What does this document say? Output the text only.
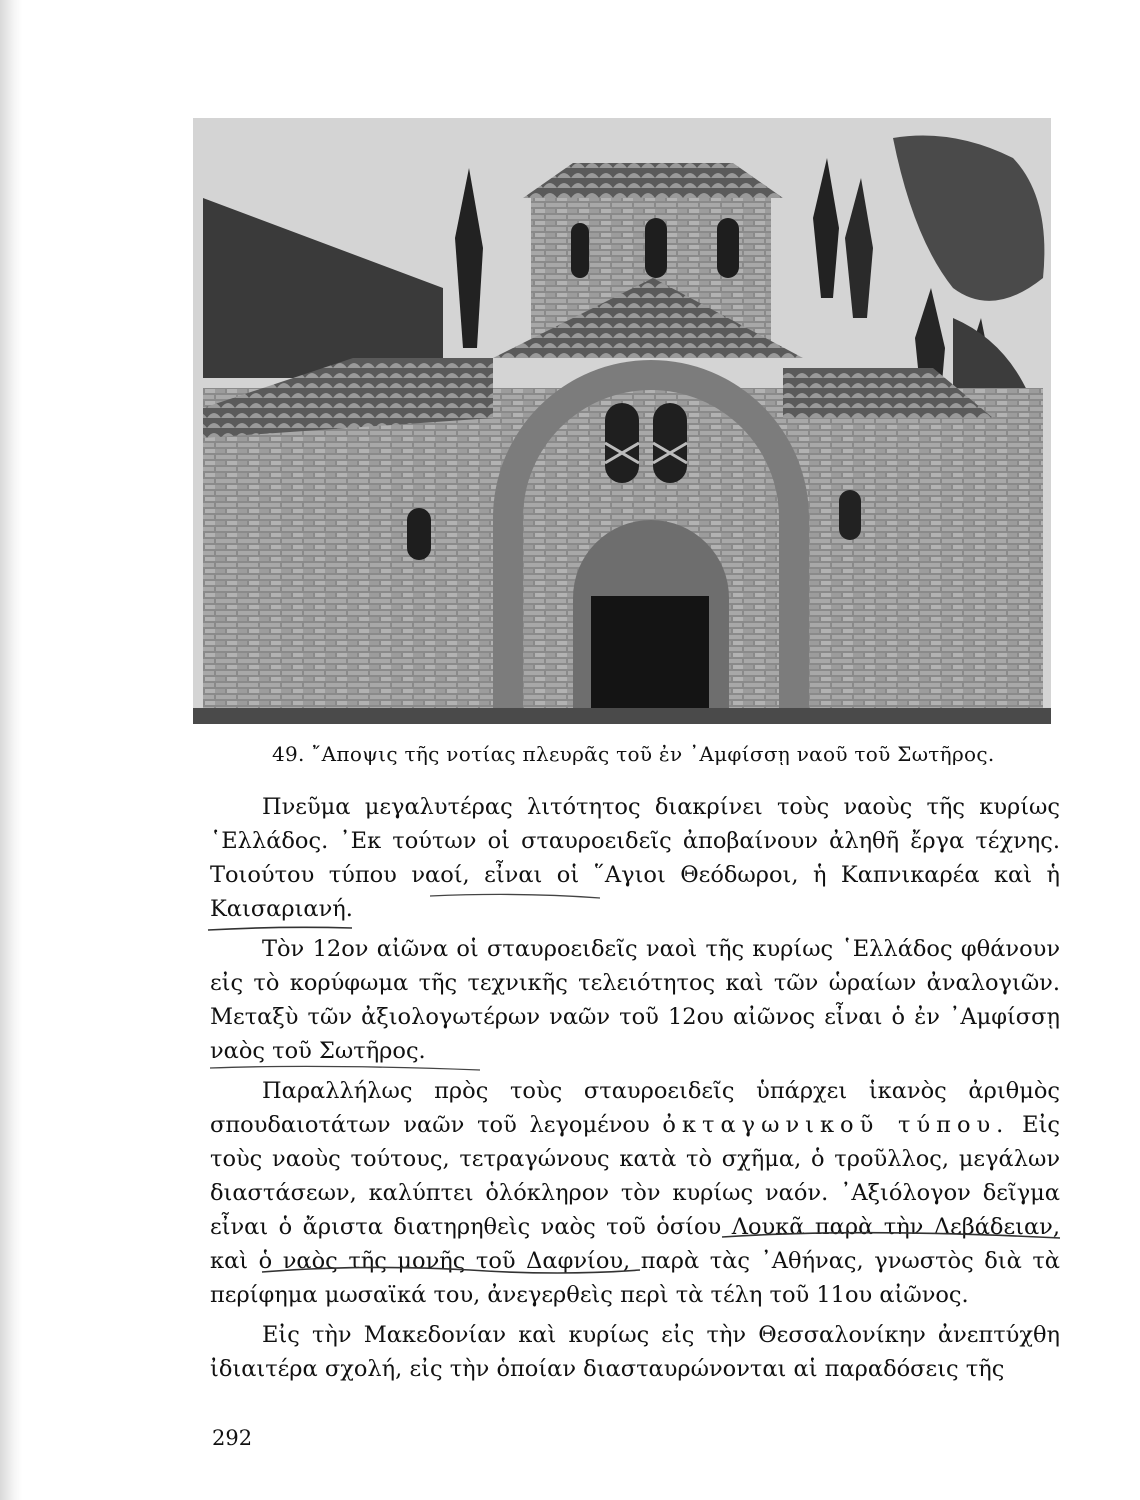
49. ῎Αποψις τῆς νοτίας πλευρᾶς τοῦ ἐν ᾿Αμφίσσῃ ναοῦ τοῦ Σωτῆρος.

Πνεῦμα μεγαλυτέρας λιτότητος διακρίνει τοὺς ναοὺς τῆς κυρίως ῾Ελλάδος. ᾿Εκ τούτων οἱ σταυροειδεῖς ἀποβαίνουν ἀληθῆ ἔργα τέχνης. Τοιούτου τύπου ναοί, εἶναι οἱ ῞Αγιοι Θεόδωροι, ἡ Καπνικαρέα καὶ ἡ Καισαριανή.

Τὸν 12ον αἰῶνα οἱ σταυροειδεῖς ναοὶ τῆς κυρίως ῾Ελλάδος φθάνουν εἰς τὸ κορύφωμα τῆς τεχνικῆς τελειότητος καὶ τῶν ὡραίων ἀναλογιῶν. Μεταξὺ τῶν ἀξιολογωτέρων ναῶν τοῦ 12ου αἰῶνος εἶναι ὁ ἐν ᾿Αμφίσσῃ ναὸς τοῦ Σωτῆρος.

Παραλλήλως πρὸς τοὺς σταυροειδεῖς ὑπάρχει ἱκανὸς ἀριθμὸς σπουδαιοτάτων ναῶν τοῦ λεγομένου ὀκταγωνικοῦ τύπου. Εἰς τοὺς ναοὺς τούτους, τετραγώνους κατὰ τὸ σχῆμα, ὁ τροῦλλος, μεγάλων διαστάσεων, καλύπτει ὁλόκληρον τὸν κυρίως ναόν. ᾿Αξιόλογον δεῖγμα εἶναι ὁ ἄριστα διατηρηθεὶς ναὸς τοῦ ὁσίου Λουκᾶ παρὰ τὴν Λεβάδειαν, καὶ ὁ ναὸς τῆς μονῆς τοῦ Δαφνίου, παρὰ τὰς ᾿Αθήνας, γνωστὸς διὰ τὰ περίφημα μωσαϊκά του, ἀνεγερθεὶς περὶ τὰ τέλη τοῦ 11ου αἰῶνος.

Εἰς τὴν Μακεδονίαν καὶ κυρίως εἰς τὴν Θεσσαλονίκην ἀνεπτύχθη ἰδιαιτέρα σχολή, εἰς τὴν ὁποίαν διασταυρώνονται αἱ παραδόσεις τῆς

292
